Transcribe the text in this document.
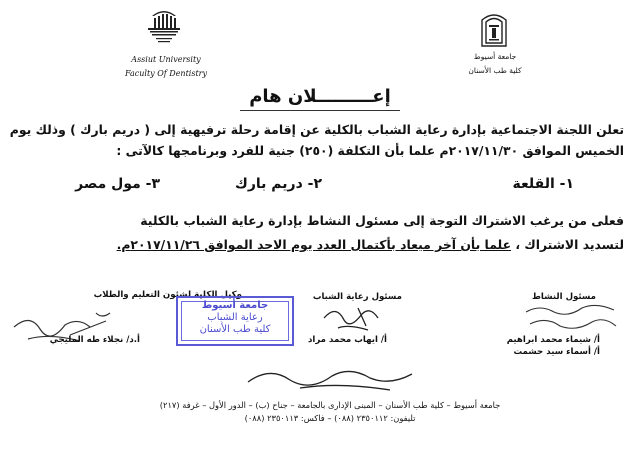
Assiut University
Faculty Of Dentistry
جامعة أسيوط
كلية طب الأسنان
إعـــــــــلان هام
تعلن اللجنة الاجتماعية بإدارة رعاية الشباب بالكلية عن إقامة رحلة ترفيهية إلى ( دريم بارك ) وذلك يوم
الخميس الموافق ٢٠١٧/١١/٣٠م علما بأن التكلفة (٢٥٠) جنية للفرد وبرنامجها كالآتى :
١- القلعة
٢- دريم بارك
٣- مول مصر
فعلى من يرغب الاشتراك التوجة إلى مسئول النشاط بإدارة رعاية الشباب بالكلية
لتسديد الاشتراك ، علما بأن آخر ميعاد بأكتمال العدد يوم الاحد الموافق ٢٠١٧/١١/٢٦م.
وكيل الكلية لشئون التعليم والطلاب	مسئول رعاية الشباب	مسئول النشاط
جامعة أسيوط
رعاية الشباب
كلية طب الأسنان
أ.د/ نجلاء طه المليجي	أ/ ايهاب محمد مراد	أ/ شيماء محمد ابراهيم
أ/ أسماء سيد حشمت
جامعة أسيوط – كلية طب الأسنان – المبنى الإدارى بالجامعة – جناح (ب) – الدور الأول – غرفة (٢١٧)
تليفون: ٢٣٥٠١١٢ (٠٨٨) – فاكس: ٢٣٥٠١١٣ (٠٨٨)
